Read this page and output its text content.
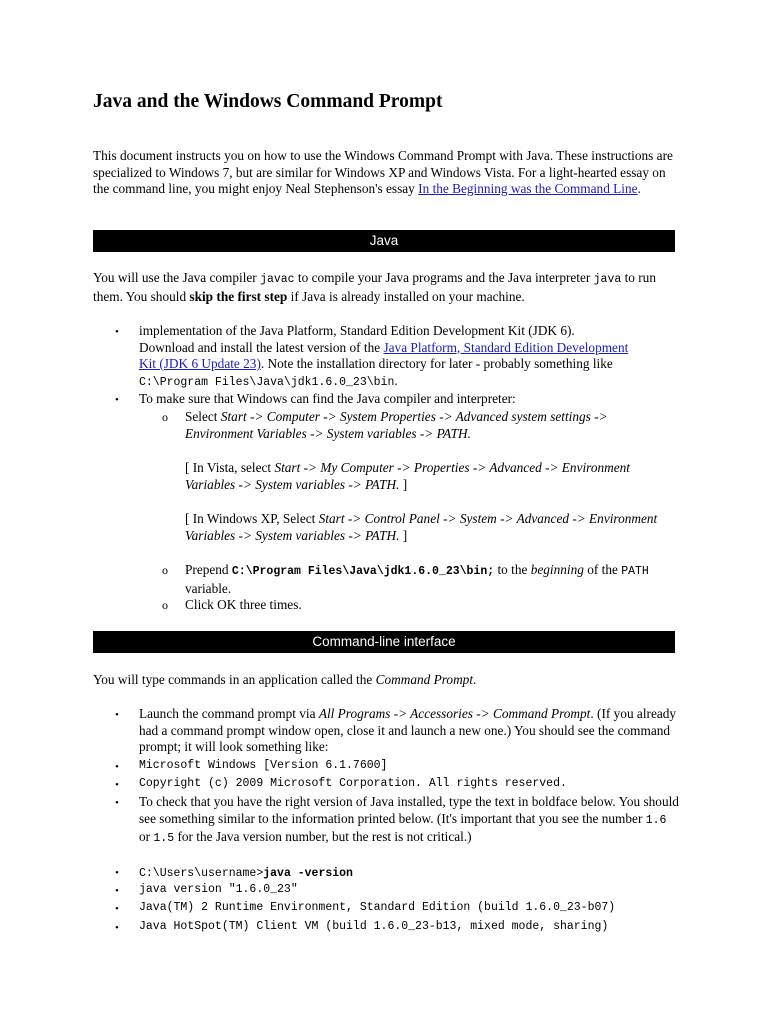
Java and the Windows Command Prompt

This document instructs you on how to use the Windows Command Prompt with Java. These instructions are specialized to Windows 7, but are similar for Windows XP and Windows Vista. For a light-hearted essay on the command line, you might enjoy Neal Stephenson's essay In the Beginning was the Command Line.

Java

You will use the Java compiler javac to compile your Java programs and the Java interpreter java to run them. You should skip the first step if Java is already installed on your machine.

• implementation of the Java Platform, Standard Edition Development Kit (JDK 6). Download and install the latest version of the Java Platform, Standard Edition Development Kit (JDK 6 Update 23). Note the installation directory for later - probably something like C:\Program Files\Java\jdk1.6.0_23\bin.

• To make sure that Windows can find the Java compiler and interpreter:

o Select Start -> Computer -> System Properties -> Advanced system settings -> Environment Variables -> System variables -> PATH.

[ In Vista, select Start -> My Computer -> Properties -> Advanced -> Environment Variables -> System variables -> PATH. ]

[ In Windows XP, Select Start -> Control Panel -> System -> Advanced -> Environment Variables -> System variables -> PATH. ]

o Prepend C:\Program Files\Java\jdk1.6.0_23\bin; to the beginning of the PATH variable.

o Click OK three times.

Command-line interface

You will type commands in an application called the Command Prompt.

• Launch the command prompt via All Programs -> Accessories -> Command Prompt. (If you already had a command prompt window open, close it and launch a new one.) You should see the command prompt; it will look something like:

• Microsoft Windows [Version 6.1.7600]

• Copyright (c) 2009 Microsoft Corporation. All rights reserved.

• To check that you have the right version of Java installed, type the text in boldface below. You should see something similar to the information printed below. (It's important that you see the number 1.6 or 1.5 for the Java version number, but the rest is not critical.)

• C:\Users\username>java -version

• java version "1.6.0_23"

• Java(TM) 2 Runtime Environment, Standard Edition (build 1.6.0_23-b07)

• Java HotSpot(TM) Client VM (build 1.6.0_23-b13, mixed mode, sharing)
